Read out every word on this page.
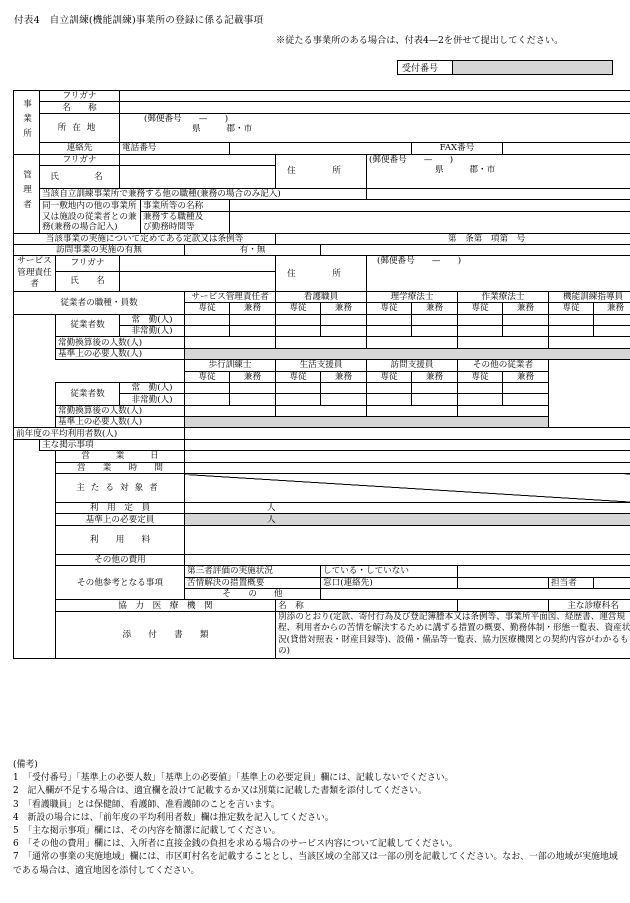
付表4　自立訓練(機能訓練)事業所の登録に係る記載事項
※従たる事業所のある場合は、付表4—2を併せて提出してください。
受付番号	
事業所	フリガナ														
	名　　称														
	所在地		(郵便番号　　—　　)												
			県　　　郡・市												
	連絡先		電話番号							FAX番号					
管理者	フリガナ						住　所		(郵便番号　　—　　)						
	氏　　名								県　　　郡・市						
	当該自立訓練事業所で兼務する他の職種(兼務の場合のみ記入)														
	同一敷地内の他の事業所			事業所等の名称											
	又は施設の従業者との兼			兼務する職種及											
	務(兼務の場合記入)			び勤務時間等											
当該事業の実施について定めてある定款又は条例等							第　条第　項第　号								
訪問事業の実施の有無					有・無										
サービス
管理責任者		フリガナ					住　所		(郵便番号　　—　　)						
		氏　　名													
従業者の職種・員数					サービス管理責任者		看護職員		理学療法士		作業療法士		機能訓練指導員		
					専従	兼務	専従	兼務	専従	兼務	専従	兼務	専従	兼務	
		従業者数	常　勤(人)												
			非常勤(人)												
		常勤換算後の人数(人)													
		基準上の必要人数(人)													
					歩行訓練士		生活支援員		訪問支援員		その他の従業者				
					専従	兼務	専従	兼務	専従	兼務	専従	兼務			
		従業者数	常　勤(人)												
			非常勤(人)												
		常勤換算後の人数(人)													
		基準上の必要人数(人)													
前年度の平均利用者数(人)															
	主な掲示事項														
		営　　　業　　　日													
		営　　業　　時　　間													
		主たる対象者													
		利　用　定　員			人										
		基準上の必要定員			人										
		利　　用　　料													
		その他の費用													
		その他参考となる事項			第三者評価の実施状況			している・していない							
					苦情解決の措置概要			窓口(連絡先)					担当者		
					そ　　の　　他										
		協　力　医　療　機　関					名　称						主な診療科名		
		添　　付　　書　　類					別添のとおり(定款、寄付行為及び登記簿謄本又は条例等、事業所平面図、経歴書、運営規程、利用者からの苦情を解決するために講ずる措置の概要、勤務体制・形態一覧表、資産状況(貸借対照表・財産目録等)、設備・備品等一覧表、協力医療機関との契約内容がわかるもの)								
(備考)
1　「受付番号」「基準上の必要人数」「基準上の必要値」「基準上の必要定員」欄には、記載しないでください。
2　記入欄が不足する場合は、適宜欄を設けて記載するか又は別葉に記載した書類を添付してください。
3　「看護職員」とは保健師、看護師、准看護師のことを言います。
4　新設の場合には、「前年度の平均利用者数」欄は推定数を記入してください。
5　「主な掲示事項」欄には、その内容を簡潔に記載してください。
6　「その他の費用」欄には、入所者に直接金銭の負担を求める場合のサービス内容について記載してください。
7　「通常の事業の実施地域」欄には、市区町村名を記載することとし、当該区域の全部又は一部の別を記載してください。なお、一部の地域が実施地域である場合は、適宜地図を添付してください。
